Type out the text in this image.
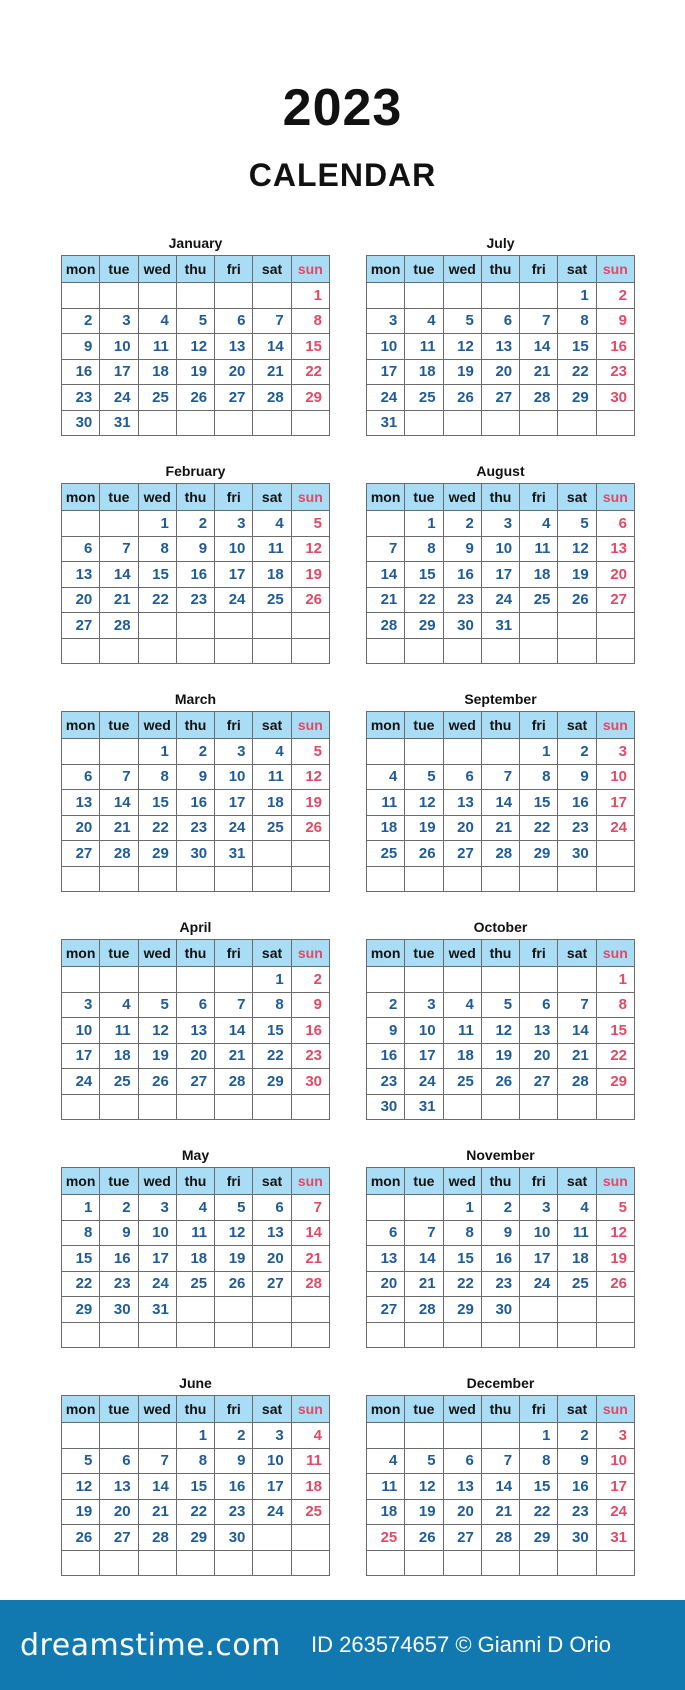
2023
CALENDAR
January
mon	tue	wed	thu	fri	sat	sun
						1
2	3	4	5	6	7	8
9	10	11	12	13	14	15
16	17	18	19	20	21	22
23	24	25	26	27	28	29
30	31					
February
mon	tue	wed	thu	fri	sat	sun
		1	2	3	4	5
6	7	8	9	10	11	12
13	14	15	16	17	18	19
20	21	22	23	24	25	26
27	28					

March
mon	tue	wed	thu	fri	sat	sun
		1	2	3	4	5
6	7	8	9	10	11	12
13	14	15	16	17	18	19
20	21	22	23	24	25	26
27	28	29	30	31		

April
mon	tue	wed	thu	fri	sat	sun
					1	2
3	4	5	6	7	8	9
10	11	12	13	14	15	16
17	18	19	20	21	22	23
24	25	26	27	28	29	30

May
mon	tue	wed	thu	fri	sat	sun
1	2	3	4	5	6	7
8	9	10	11	12	13	14
15	16	17	18	19	20	21
22	23	24	25	26	27	28
29	30	31				

June
mon	tue	wed	thu	fri	sat	sun
			1	2	3	4
5	6	7	8	9	10	11
12	13	14	15	16	17	18
19	20	21	22	23	24	25
26	27	28	29	30		

July
mon	tue	wed	thu	fri	sat	sun
					1	2
3	4	5	6	7	8	9
10	11	12	13	14	15	16
17	18	19	20	21	22	23
24	25	26	27	28	29	30
31						
August
mon	tue	wed	thu	fri	sat	sun
	1	2	3	4	5	6
7	8	9	10	11	12	13
14	15	16	17	18	19	20
21	22	23	24	25	26	27
28	29	30	31			

September
mon	tue	wed	thu	fri	sat	sun
				1	2	3
4	5	6	7	8	9	10
11	12	13	14	15	16	17
18	19	20	21	22	23	24
25	26	27	28	29	30	

October
mon	tue	wed	thu	fri	sat	sun
						1
2	3	4	5	6	7	8
9	10	11	12	13	14	15
16	17	18	19	20	21	22
23	24	25	26	27	28	29
30	31					
November
mon	tue	wed	thu	fri	sat	sun
		1	2	3	4	5
6	7	8	9	10	11	12
13	14	15	16	17	18	19
20	21	22	23	24	25	26
27	28	29	30			

December
mon	tue	wed	thu	fri	sat	sun
				1	2	3
4	5	6	7	8	9	10
11	12	13	14	15	16	17
18	19	20	21	22	23	24
25	26	27	28	29	30	31

dreamstime.com ID 263574657 © Gianni D Orio
